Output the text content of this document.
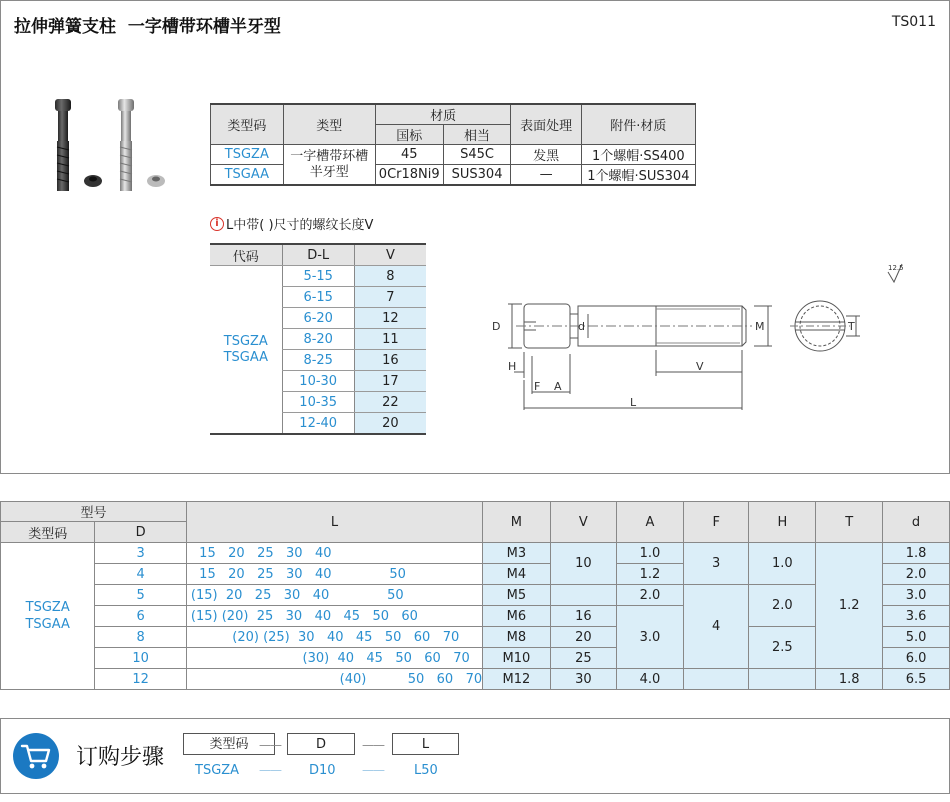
拉伸弹簧支柱  一字槽带环槽半牙型	TS011
类型码	类型	材质		表面处理	附件·材质
		国标	相当		
TSGZA	一字槽带环槽半牙型	45	S45C	发黑	1个螺帽·SS400
TSGAA		0Cr18Ni9	SUS304	—	1个螺帽·SUS304
i L中带( )尺寸的螺纹长度V
代码	D-L	V

TSGZA
TSGAA	5-15	8
	6-15	7
	6-20	12
	8-20	11
	8-25	16
	10-30	17
	10-35	22
	12-40	20
D	d	M
H
F A
V
L
T
12.5
型号		L	M	V	A	F	H	T	d
类型码	D								

TSGZA
TSGAA	3	15   20   25   30   40	M3	10	1.0	3	1.0	1.2	1.8
	4	15   20   25   30   40              50	M4		1.2				2.0
	5	(15)  20   25   30   40              50	M5		2.0	4	2.0		3.0
	6	(15) (20)  25   30   40   45   50   60	M6	16	3.0				3.6
	8	(20) (25)  30   40   45   50   60   70	M8	20			2.5		5.0
	10	(30)  40   45   50   60   70	M10	25					6.0
	12	(40)          50   60   70	M12	30	4.0			1.8	6.5
订购步骤
类型码 ——	D	——	L
TSGZA —— D10 —— L50
